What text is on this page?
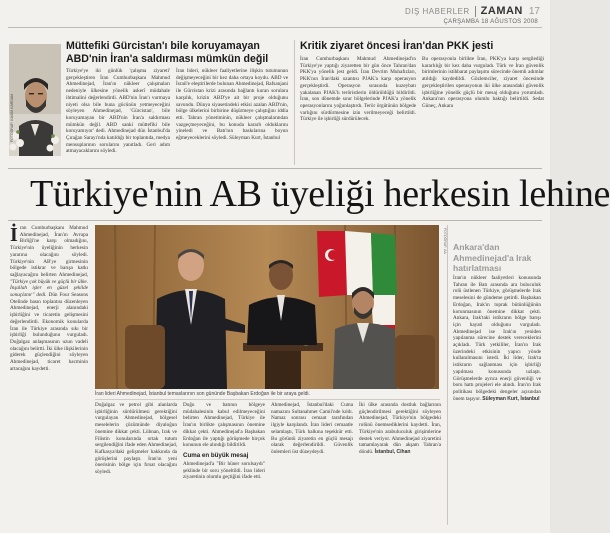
DIŞ HABERLER ZAMAN 17
ÇARŞAMBA 18 AĞUSTOS 2008
FOTOĞRAF: KASIM KARDAM
Müttefiki Gürcistan'ı bile koruyamayan ABD'nin İran'a saldırması mümkün değil
Türkiye'ye iki günlük 'çalışma ziyareti' gerçekleştiren İran Cumhurbaşkanı Mahmud Ahmedinejad, İran'ın nükleer çalışmaları nedeniyle ülkesine yönelik askerî müdahale ihtimalini değerlendirdi. ABD'nin İran'ı vurmaya niyeti olsa bile buna gücünün yetmeyeceğini söyleyen Ahmedinejad, 'Gürcistan', bile koruyamayan bir ABD'nin İran'a saldırması mümkün değil. ABD sanki müttefiki bile koruyamıyor' dedi. Ahmedinejad dün İstanbul'da Çırağan Sarayı'nda katıldığı bir toplantıda, medya mensuplarının sorularını yanıtladı. Geri adım atmayacaklarını söyledi.
İran lideri, nükleer faaliyetlerine ilişkin tutumunun değişmeyeceğini bir kez daha ortaya koydu. ABD ve İsrail'e eleştirilerde bulunan Ahmedinejad, Rafsanjani ile Gürcistan krizi arasında bağlantı kuran sorulara karşılık, krizin ABD'ye ait bir proje olduğunu savundu. Dünya siyasetindeki etkisi azalan ABD'nin, bölge ülkelerini birbirine düşürmeye çalıştığını iddia etti. Tahran yönetiminin, nükleer çalışmalarından vazgeçmeyeceğini, bu konuda kararlı olduklarını yineledi ve Batı'nın baskılarına boyun eğmeyeceklerini söyledi. Süleyman Kurt, İstanbul
Kritik ziyaret öncesi İran'dan PKK jesti
İran Cumhurbaşkanı Mahmud Ahmedinejad'ın Türkiye'ye yaptığı ziyaretten bir gün önce Tahran'dan PKK'ya yönelik jest geldi. İran Devrim Muhafızları, PKK'nın İran'daki uzantısı PJAK'a karşı operasyon gerçekleştirdi. Operasyon sırasında kuzeybatı yakalanan PJAK'lı teröristlerin öldürüldüğü bildirildi. İran, son dönemde sınır bölgelerinde PJAK'a yönelik operasyonlarını yoğunlaştırdı. Terör örgütünün bölgede varlığını sürdürmesine izin verilmeyeceği belirtildi. Türkiye ile işbirliği sürdürülecek.
Bu operasyonla birlikte İran, PKK'ya karşı sergilediği kararlılığı bir kez daha vurguladı. Türk ve İran güvenlik birimlerinin istihbarat paylaşımı sürecinde önemli adımlar atıldığı kaydedildi. Gözlemciler, ziyaret öncesinde gerçekleştirilen operasyonun iki ülke arasındaki güvenlik işbirliğine yönelik güçlü bir mesaj olduğunu yorumladı. Ankara'nın operasyona olumlu baktığı belirtildi. Sedat Güneç, Ankara
Türkiye'nin AB üyeliği herkesin lehine
İ ran Cumhurbaşkanı Mahmud Ahmedinejad, İran'ın Avrupa Birliği'ne karşı olmadığını, Türkiye'nin üyeliğinin herkesin yararına olacağını söyledi. Türkiye'nin AB'ye girmesinin bölgede istikrar ve barışa katkı sağlayacağını belirten Ahmedinejad, "Türkiye çok büyük ve güçlü bir ülke. İnşallah işler en güzel şekilde sonuçlanır" dedi. Dün Four Seasons Otelinde basın toplantısı düzenleyen Ahmedinejad, enerji alanındaki işbirliğini ve ticaretin gelişmesini değerlendirdi. Ekonomik konularda İran ile Türkiye arasında sıkı bir işbirliği bulunduğunu vurguladı. Doğalgaz anlaşmasının uzun vadeli olacağını belirtti. İki ülke ilişkilerinin giderek güçlendiğini söyleyen Ahmedinejad, ticaret hacminin artacağını kaydetti.
FOTOĞRAF: AA
İran lideri Ahmedinejad, İstanbul temaslarının son gününde Başbakan Erdoğan ile bir araya geldi.
Doğalgaz ve petrol gibi alanlarda işbirliğinin sürdürülmesi gerektiğini vurgulayan Ahmedinejad, bölgesel meselelerin çözümünde diyaloğun önemine dikkat çekti. Lübnan, Irak ve Filistin konularında ortak tutum sergilendiğini ifade eden Ahmedinejad, Kafkasya'daki gelişmeler hakkında da görüşlerini paylaştı. İran'ın yeni önerisinin bölge için fırsat olacağını söyledi.
Doğu ve batının bölgeye müdahalesinin kabul edilmeyeceğini belirten Ahmedinejad, Türkiye ile İran'ın birlikte çalışmasının önemine dikkat çekti. Ahmedinejad'a Başbakan Erdoğan ile yaptığı görüşmede birçok konunun ele alındığı bildirildi.
Cuma en büyük mesaj
Ahmedinejad'a "Bir hüner sorulsaydı" şeklinde bir soru yöneltildi. İran lideri ziyaretinin olumlu geçtiğini ifade etti.
Ahmedinejad, İstanbul'daki Cuma namazını Sultanahmet Camii'nde kıldı. Namaz sonrası cemaat tarafından ilgiyle karşılandı. İran lideri cemaatle selamlaştı, Türk halkına teşekkür etti. Bu görüntü ziyaretin en güçlü mesajı olarak değerlendirildi. Güvenlik önlemleri üst düzeydeydi.
İki ülke arasında dostluk bağlarının güçlendirilmesi gerektiğini söyleyen Ahmedinejad, Türkiye'nin bölgedeki rolünü önemsediklerini kaydetti. İran, Türkiye'nin arabuluculuk girişimlerine destek veriyor. Ahmedinejad ziyaretini tamamlayarak dün akşam Tahran'a döndü. İstanbul, Cihan
Ankara'dan Ahmedinejad'a Irak hatırlatması
İran'ın nükleer faaliyetleri konusunda Tahran ile Batı arasında ara buluculuk rolü üstlenen Türkiye, görüşmelerde Irak meselesini de gündeme getirdi. Başbakan Erdoğan, Irak'ın toprak bütünlüğünün korunmasının önemine dikkat çekti. Ankara, Irak'taki istikrarın bölge barışı için hayati olduğunu vurguladı. Ahmedinejad ise Irak'ın yeniden yapılanma sürecine destek vereceklerini açıkladı. Türk yetkililer, İran'ın Irak üzerindeki etkisinin yapıcı yönde kullanılmasını istedi. İki lider, Irak'ta istikrarın sağlanması için işbirliği yapılması konusunda uzlaştı. Görüşmelerde ayrıca enerji güvenliği ve boru hattı projeleri ele alındı. İran'ın Irak politikası bölgedeki dengeler açısından önem taşıyor. Süleyman Kurt, İstanbul
